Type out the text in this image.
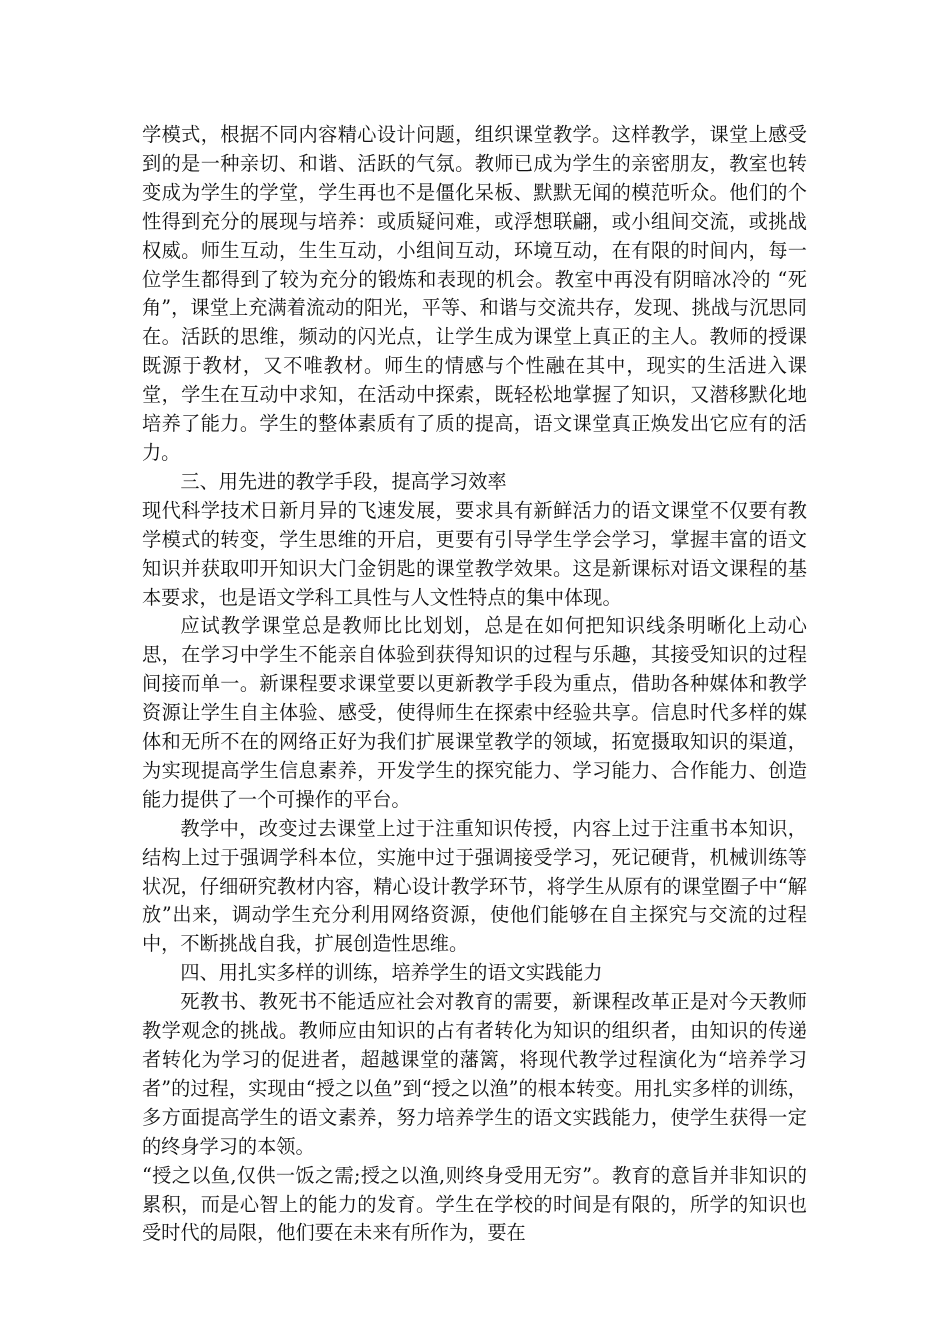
学模式，根据不同内容精心设计问题，组织课堂教学。这样教学，课堂上感受到的是一种亲切、和谐、活跃的气氛。教师已成为学生的亲密朋友，教室也转变成为学生的学堂，学生再也不是僵化呆板、默默无闻的模范听众。他们的个性得到充分的展现与培养：或质疑问难，或浮想联翩，或小组间交流，或挑战权威。师生互动，生生互动，小组间互动，环境互动，在有限的时间内，每一位学生都得到了较为充分的锻炼和表现的机会。教室中再没有阴暗冰冷的 “死角”，课堂上充满着流动的阳光，平等、和谐与交流共存，发现、挑战与沉思同在。活跃的思维，频动的闪光点，让学生成为课堂上真正的主人。教师的授课既源于教材，又不唯教材。师生的情感与个性融在其中，现实的生活进入课堂，学生在互动中求知，在活动中探索，既轻松地掌握了知识，又潜移默化地培养了能力。学生的整体素质有了质的提高，语文课堂真正焕发出它应有的活力。

三、用先进的教学手段，提高学习效率

现代科学技术日新月异的飞速发展，要求具有新鲜活力的语文课堂不仅要有教学模式的转变，学生思维的开启，更要有引导学生学会学习，掌握丰富的语文知识并获取叩开知识大门金钥匙的课堂教学效果。这是新课标对语文课程的基本要求，也是语文学科工具性与人文性特点的集中体现。

应试教学课堂总是教师比比划划，总是在如何把知识线条明晰化上动心思，在学习中学生不能亲自体验到获得知识的过程与乐趣，其接受知识的过程间接而单一。新课程要求课堂要以更新教学手段为重点，借助各种媒体和教学资源让学生自主体验、感受，使得师生在探索中经验共享。信息时代多样的媒体和无所不在的网络正好为我们扩展课堂教学的领域，拓宽摄取知识的渠道，为实现提高学生信息素养，开发学生的探究能力、学习能力、合作能力、创造能力提供了一个可操作的平台。

教学中，改变过去课堂上过于注重知识传授，内容上过于注重书本知识，结构上过于强调学科本位，实施中过于强调接受学习，死记硬背，机械训练等状况，仔细研究教材内容，精心设计教学环节，将学生从原有的课堂圈子中“解放”出来，调动学生充分利用网络资源，使他们能够在自主探究与交流的过程中，不断挑战自我，扩展创造性思维。

四、用扎实多样的训练，培养学生的语文实践能力

死教书、教死书不能适应社会对教育的需要，新课程改革正是对今天教师教学观念的挑战。教师应由知识的占有者转化为知识的组织者，由知识的传递者转化为学习的促进者，超越课堂的藩篱，将现代教学过程演化为“培养学习者”的过程，实现由“授之以鱼”到“授之以渔”的根本转变。用扎实多样的训练，多方面提高学生的语文素养，努力培养学生的语文实践能力，使学生获得一定的终身学习的本领。

“授之以鱼,仅供一饭之需;授之以渔,则终身受用无穷”。教育的意旨并非知识的累积，而是心智上的能力的发育。学生在学校的时间是有限的，所学的知识也受时代的局限，他们要在未来有所作为，要在
